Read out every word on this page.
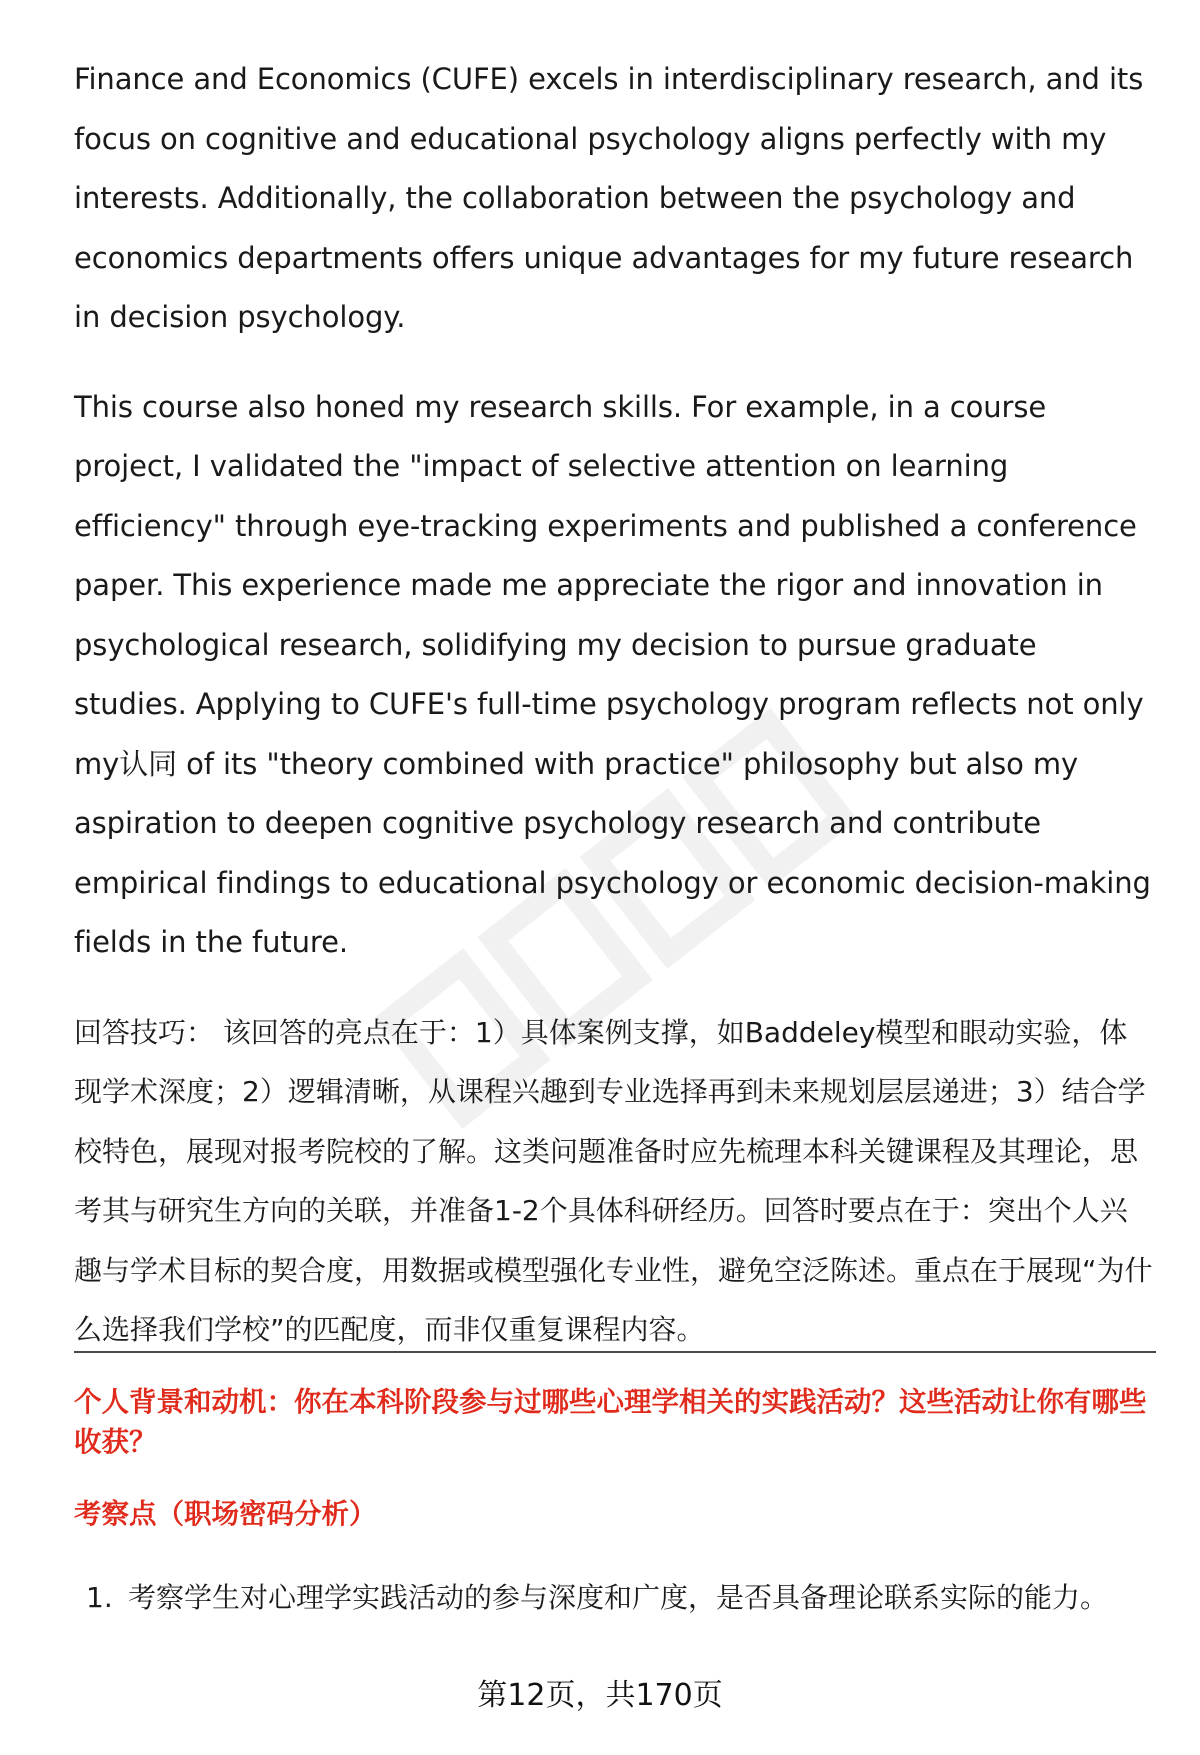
Finance and Economics (CUFE) excels in interdisciplinary research, and its focus on cognitive and educational psychology aligns perfectly with my interests. Additionally, the collaboration between the psychology and economics departments offers unique advantages for my future research in decision psychology.

This course also honed my research skills. For example, in a course project, I validated the "impact of selective attention on learning efficiency" through eye-tracking experiments and published a conference paper. This experience made me appreciate the rigor and innovation in psychological research, solidifying my decision to pursue graduate studies. Applying to CUFE's full-time psychology program reflects not only my认同 of its "theory combined with practice" philosophy but also my aspiration to deepen cognitive psychology research and contribute empirical findings to educational psychology or economic decision-making fields in the future.

回答技巧： 该回答的亮点在于：1）具体案例支撑，如Baddeley模型和眼动实验，体现学术深度；2）逻辑清晰，从课程兴趣到专业选择再到未来规划层层递进；3）结合学校特色，展现对报考院校的了解。这类问题准备时应先梳理本科关键课程及其理论，思考其与研究生方向的关联，并准备1-2个具体科研经历。回答时要点在于：突出个人兴趣与学术目标的契合度，用数据或模型强化专业性，避免空泛陈述。重点在于展现“为什么选择我们学校”的匹配度，而非仅重复课程内容。

个人背景和动机：你在本科阶段参与过哪些心理学相关的实践活动？这些活动让你有哪些收获？
考察点（职场密码分析）
1. 考察学生对心理学实践活动的参与深度和广度，是否具备理论联系实际的能力。
第12页，共170页
